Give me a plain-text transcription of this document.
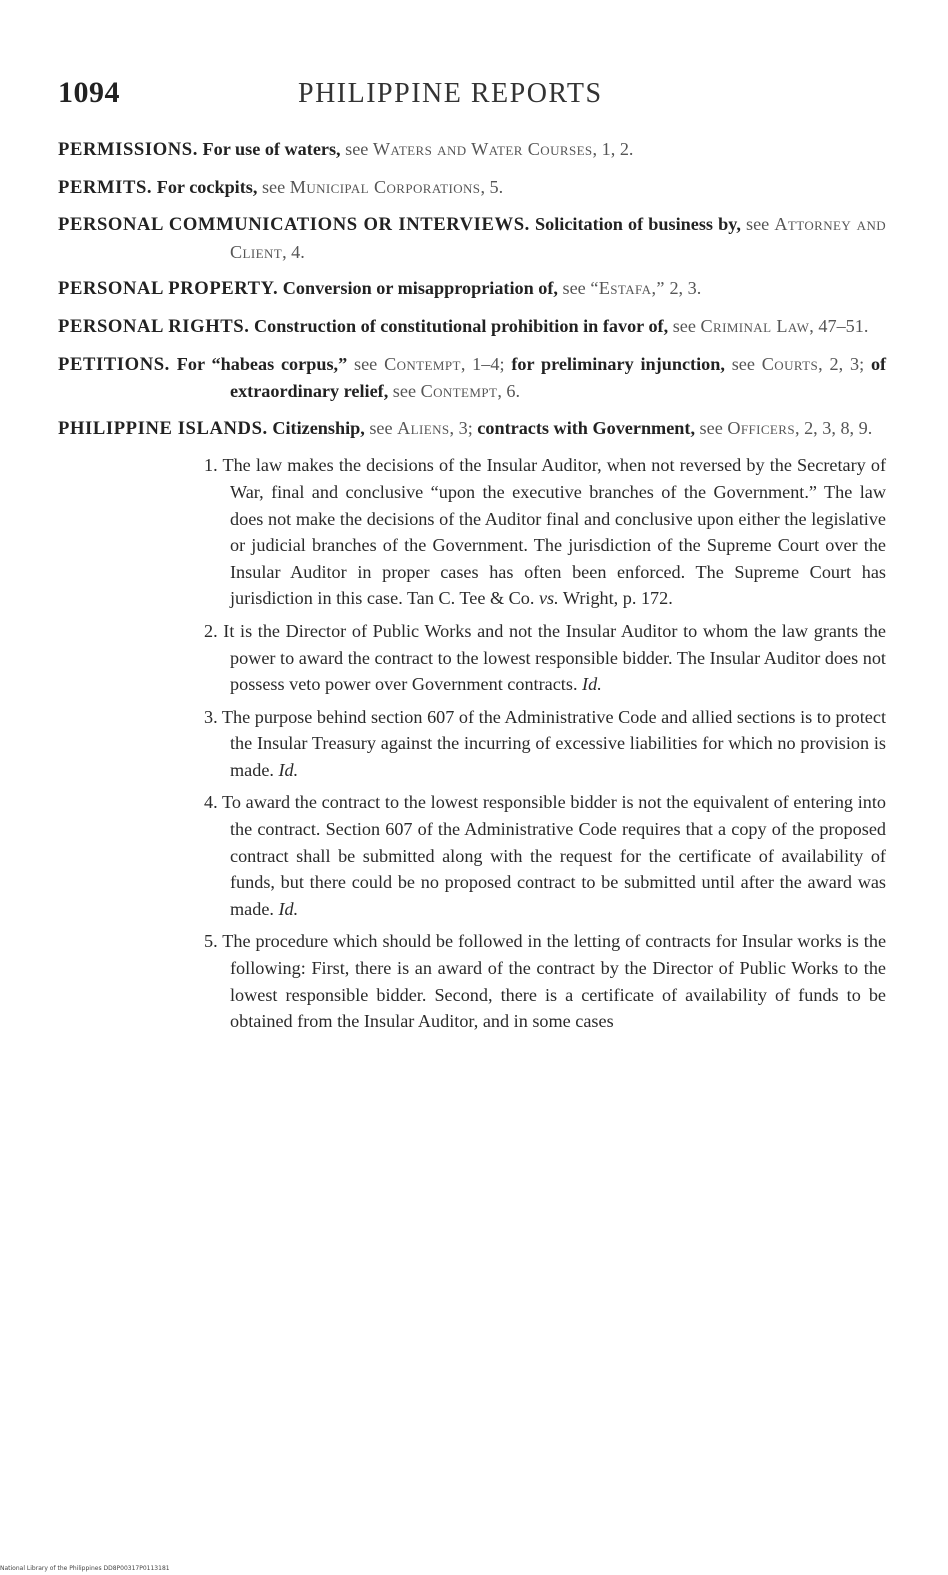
1094	PHILIPPINE REPORTS

PERMISSIONS. For use of waters, see Waters and Water Courses, 1, 2.

PERMITS. For cockpits, see Municipal Corporations, 5.

PERSONAL COMMUNICATIONS OR INTERVIEWS. Solicitation of business by, see Attorney and Client, 4.

PERSONAL PROPERTY. Conversion or misappropriation of, see “Estafa,” 2, 3.

PERSONAL RIGHTS. Construction of constitutional prohibition in favor of, see Criminal Law, 47–51.

PETITIONS. For “habeas corpus,” see Contempt, 1–4; for preliminary injunction, see Courts, 2, 3; of extraordinary relief, see Contempt, 6.

PHILIPPINE ISLANDS. Citizenship, see Aliens, 3; contracts with Government, see Officers, 2, 3, 8, 9.

1. The law makes the decisions of the Insular Auditor, when not reversed by the Secretary of War, final and conclusive “upon the executive branches of the Government.” The law does not make the decisions of the Auditor final and conclusive upon either the legislative or judicial branches of the Government. The jurisdiction of the Supreme Court over the Insular Auditor in proper cases has often been enforced. The Supreme Court has jurisdiction in this case. Tan C. Tee & Co. vs. Wright, p. 172.

2. It is the Director of Public Works and not the Insular Auditor to whom the law grants the power to award the contract to the lowest responsible bidder. The Insular Auditor does not possess veto power over Government contracts. Id.

3. The purpose behind section 607 of the Administrative Code and allied sections is to protect the Insular Treasury against the incurring of excessive liabilities for which no provision is made. Id.

4. To award the contract to the lowest responsible bidder is not the equivalent of entering into the contract. Section 607 of the Administrative Code requires that a copy of the proposed contract shall be submitted along with the request for the certificate of availability of funds, but there could be no proposed contract to be submitted until after the award was made. Id.

5. The procedure which should be followed in the letting of contracts for Insular works is the following: First, there is an award of the contract by the Director of Public Works to the lowest responsible bidder. Second, there is a certificate of availability of funds to be obtained from the Insular Auditor, and in some cases

National Library of the Philippines DD8P00317P0113181
